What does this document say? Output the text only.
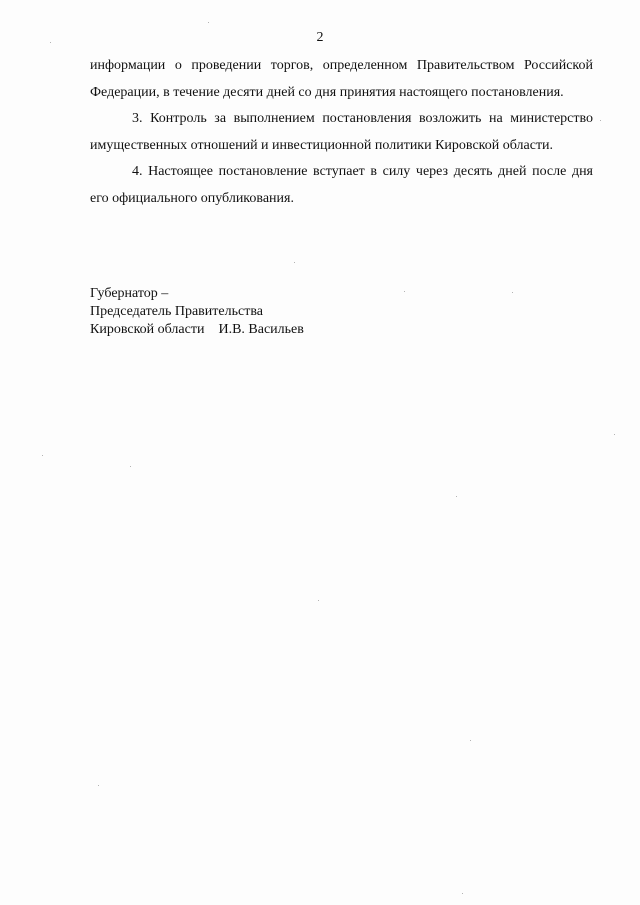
2

информации о проведении торгов, определенном Правительством Российской Федерации, в течение десяти дней со дня принятия настоящего постановления.

3. Контроль за выполнением постановления возложить на министерство имущественных отношений и инвестиционной политики Кировской области.

4. Настоящее постановление вступает в силу через десять дней после дня его официального опубликования.

Губернатор –
Председатель Правительства
Кировской области    И.В. Васильев
